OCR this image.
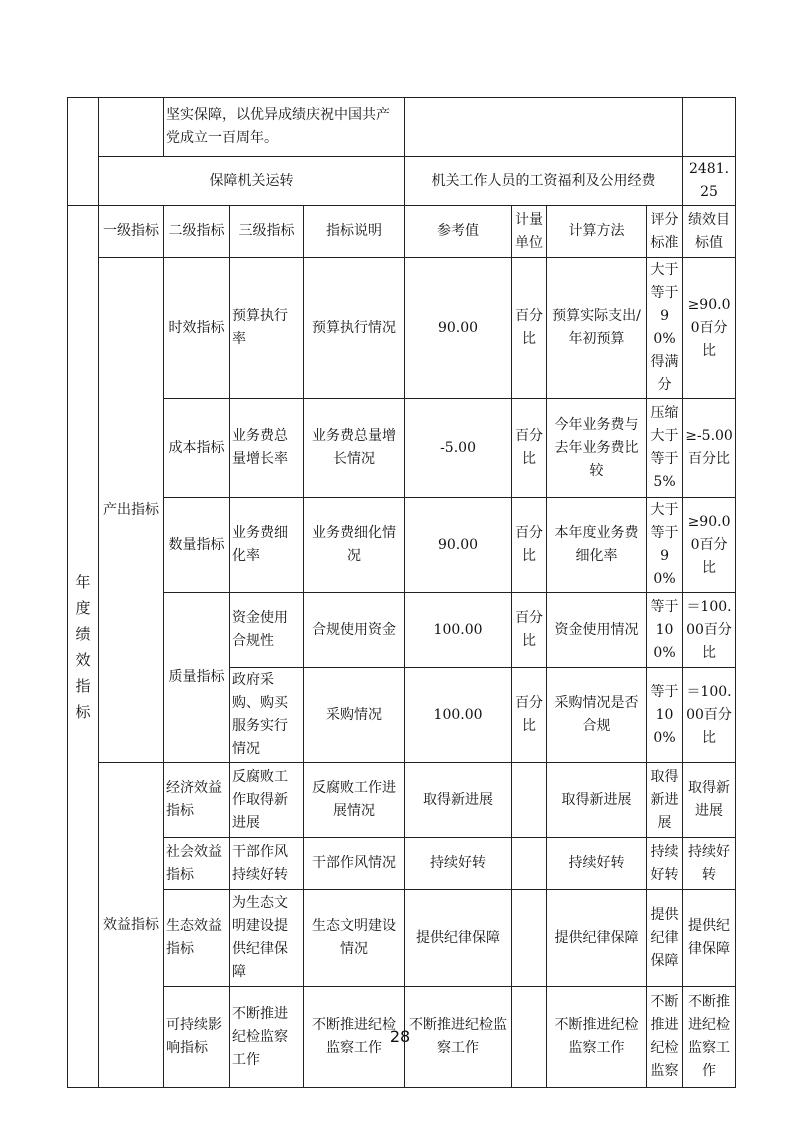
		坚实保障，以优异成绩庆祝中国共产党成立一百周年。							
	保障机关运转				机关工作人员的工资福利及公用经费				2481.25
年度绩效指标	一级指标	二级指标	三级指标	指标说明	参考值	计量单位	计算方法	评分标准	绩效目标值
	产出指标	时效指标	预算执行率	预算执行情况	90.00	百分比	预算实际支出/年初预算	大于等于90%得满分	≥90.00百分比
		成本指标	业务费总量增长率	业务费总量增长情况	-5.00	百分比	今年业务费与去年业务费比较	压缩大于等于5%	≥-5.00百分比
		数量指标	业务费细化率	业务费细化情况	90.00	百分比	本年度业务费细化率	大于等于90%	≥90.00百分比
		质量指标	资金使用合规性	合规使用资金	100.00	百分比	资金使用情况	等于100%	＝100.00百分比
			政府采购、购买服务实行情况	采购情况	100.00	百分比	采购情况是否合规	等于100%	＝100.00百分比
	效益指标	经济效益指标	反腐败工作取得新进展	反腐败工作进展情况	取得新进展		取得新进展	取得新进展	取得新进展
		社会效益指标	干部作风持续好转	干部作风情况	持续好转		持续好转	持续好转	持续好转
		生态效益指标	为生态文明建设提供纪律保障	生态文明建设情况	提供纪律保障		提供纪律保障	提供纪律保障	提供纪律保障
		可持续影响指标	不断推进纪检监察工作	不断推进纪检监察工作	不断推进纪检监察工作		不断推进纪检监察工作	不断推进纪检监察	不断推进纪检监察工作
28
